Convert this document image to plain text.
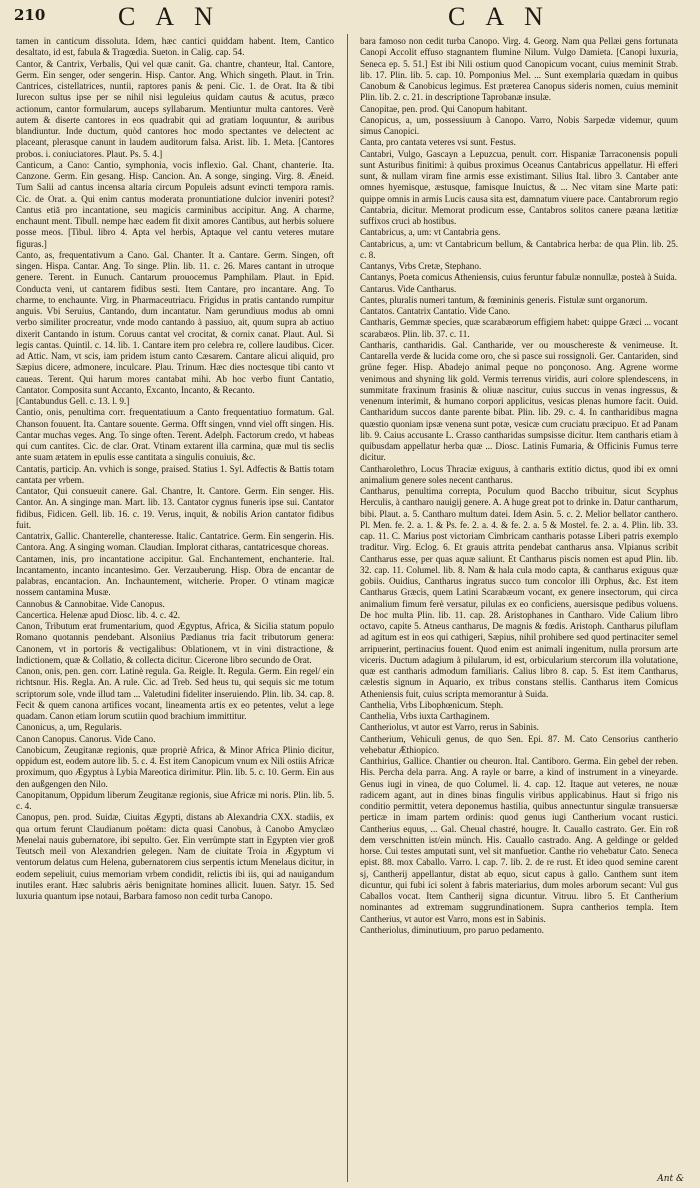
210	CAN	CAN

tamen in canticum dissoluta. Idem, hæc cantici quiddam habent. Item, Cantico desaltato, id est, fabula & Tragœdia. Sueton. in Calig. cap. 54.

Cantor, & Cantrix, Verbalis, Qui vel quæ canit. Ga. chantre, chanteur, Ital. Cantore, Germ. Ein senger, oder sengerin. Hisp. Cantor. Ang. Which singeth. Plaut. in Trin. Cantrices, cistellatrices, nuntii, raptores panis & peni. Cic. 1. de Orat. Ita & tibi Iurecon sultus ipse per se nihil nisi leguleius quidam cautus & acutus, præco actionum, cantor formularum, auceps syllabarum. Mentiuntur multa cantores. Verè autem & diserte cantores in eos quadrabit qui ad gratiam loquuntur, & auribus blandiuntur. Inde ductum, quòd cantores hoc modo spectantes ve delectent ac placeant, plerasque canunt in laudem auditorum falsa. Arist. lib. 1. Meta. [Cantores probos. i. coniuciatores. Plaut. Ps. 5. 4.]

Canticum, a Cano: Cantio, symphonia, vocis inflexio. Gal. Chant, chanterie. Ita. Canzone. Germ. Ein gesang. Hisp. Cancion. An. A songe, singing. Virg. 8. Æneid. Tum Salii ad cantus incensa altaria circum Populeis adsunt evincti tempora ramis. Cic. de Orat. a. Qui enim cantus moderata pronuntiatione dulcior inveniri potest? Cantus etiā pro incantatione, seu magicis carminibus accipitur. Ang. A charme, enchaunt ment. Tibull. nempe hæc eadem fit dixit amores Cantibus, aut herbis soluere posse meos. [Tibul. libro 4. Apta vel herbis, Aptaque vel cantu veteres mutare figuras.]

Canto, as, frequentativum a Cano. Gal. Chanter. It a. Cantare. Germ. Singen, oft singen. Hispa. Cantar. Ang. To singe. Plin. lib. 11. c. 26. Mares cantant in utroque genere. Terent. in Eunuch. Cantarum prouocemus Pamphilam. Plaut. in Epid. Conducta veni, ut cantarem fidibus sesti. Item Cantare, pro incantare. Ang. To charme, to enchaunte. Virg. in Pharmaceutriacu. Frigidus in pratis cantando rumpitur anguis. Vbi Seruius, Cantando, dum incantatur. Nam gerundiuus modus ab omni verbo similiter procreatur, vnde modo cantando à passiuo, ait, quum supra ab actiuo dixerit Cantando in istum. Coruus cantat vel crocitat, & cornix canat. Plaut. Aul. Si legis cantas. Quintil. c. 14. lib. 1. Cantare item pro celebra re, collere laudibus. Cicer. ad Attic. Nam, vt scis, iam pridem istum canto Cæsarem. Cantare alicui aliquid, pro Sæpius dicere, admonere, inculcare. Plau. Trinum. Hæc dies noctesque tibi canto vt caueas. Terent. Qui harum mores cantabat mihi. Ab hoc verbo fiunt Cantatio, Cantator. Composita sunt Accanto, Excanto, Incanto, & Recanto.

[Cantabundus Gell. c. 13. l. 9.]

Cantio, onis, penultima corr. frequentatiuum a Canto frequentatiuo formatum. Gal. Chanson fouuent. Ita. Cantare souente. Germa. Offt singen, vnnd viel offt singen. His. Cantar muchas veges. Ang. To singe often. Terent. Adelph. Factorum credo, vt habeas qui cum cantites. Cic. de clar. Orat. Vtinam extarent illa carmina, quæ mul tis seclis ante suam ætatem in epulis esse cantitata a singulis conuiuis, &c.

Cantatis, particip. An. vvhich is songe, praised. Statius 1. Syl. Adfectis & Battis totam cantata per vrbem.

Cantator, Qui consueuit canere. Gal. Chantre, It. Cantore. Germ. Ein senger. His. Cantor. An. A singinge man. Mart. lib. 13. Cantator cygnus funeris ipse sui. Cantator fidibus, Fidicen. Gell. lib. 16. c. 19. Verus, inquit, & nobilis Arion cantator fidibus fuit.

Cantatrix, Gallic. Chanterelle, chanteresse. Italic. Cantatrice. Germ. Ein sengerin. His. Cantora. Ang. A singing woman. Claudian. Implorat citharas, cantatricesque choreas.

Cantamen, inis, pro incantatione accipitur. Gal. Enchantement, enchanterie. Ital. Incantamento, incanto incantesimo. Ger. Verzauberung. Hisp. Obra de encantar de palabras, encantacion. An. Inchauntement, witcherie. Proper. O vtinam magicæ nossem cantamina Musæ.

Cannobus & Cannobitae. Vide Canopus.

Cancertica. Helenæ apud Diosc. lib. 4. c. 42.

Canon, Tributum erat frumentarium, quod Ægyptus, Africa, & Sicilia statum populo Romano quotannis pendebant. Alsoniius Pædianus tria facit tributorum genera: Canonem, vt in portoris & vectigalibus: Oblationem, vt in vini distractione, & Indictionem, quæ & Collatio, & collecta dicitur. Cicerone libro secundo de Orat.

Canon, onis, pen. gen. corr. Latinè regula. Ga. Reigle. It. Regula. Germ. Ein regel/ ein richtsnur. His. Regla. An. A rule. Cic. ad Treb. Sed heus tu, qui sequis sic me totum scriptorum sole, vnde illud tam ... Valetudini fideliter inseruiendo. Plin. lib. 34. cap. 8. Fecit & quem canona artifices vocant, lineamenta artis ex eo petentes, velut a lege quadam. Canon etiam lorum scutiin quod brachium immittitur.

Canonicus, a, um, Regularis.

Canon Canopus. Canorus. Vide Cano.

Canobicum, Zeugitanæ regionis, quæ propriè Africa, & Minor Africa Plinio dicitur, oppidum est, eodem autore lib. 5. c. 4. Est item Canopicum vnum ex Nili ostiis Africæ proximum, quo Ægyptus à Lybia Mareotica dirimitur. Plin. lib. 5. c. 10. Germ. Ein aus den außgengen den Nilo.

Canopitanum, Oppidum liberum Zeugitanæ regionis, siue Africæ mi noris. Plin. lib. 5. c. 4.

Canopus, pen. prod. Suidæ, Ciuitas Ægypti, distans ab Alexandria CXX. stadiis, ex qua ortum ferunt Claudianum poëtam: dicta quasi Canobus, à Canobo Amyclæo Menelai nauis gubernatore, ibi sepulto. Ger. Ein verrümpte statt in Egypten vier groß Teutsch meil von Alexandrien gelegen. Nam de ciuitate Troia in Ægyptum vi ventorum delatus cum Helena, gubernatorem cius serpentis ictum Menelaus dicitur, in eodem sepeliuit, cuius memoriam vrbem condidit, relictis ibi iis, qui ad nauigandum inutiles erant. Hæc salubris aëris benignitate homines allicit. Iuuen. Satyr. 15. Sed luxuria quantum ipse notaui, Barbara famoso non cedit turba Canopo.

bara famoso non cedit turba Canopo. Virg. 4. Georg. Nam qua Pellæi gens fortunata Canopi Accolit effuso stagnantem flumine Nilum. Vulgo Damieta. [Canopi luxuria, Seneca ep. 5. 51.] Est ibi Nili ostium quod Canopicum vocant, cuius meminit Strab. lib. 17. Plin. lib. 5. cap. 10. Pomponius Mel. ... Sunt exemplaria quædam in quibus Canobum & Canobicus legimus. Est præterea Canopus sideris nomen, cuius meminit Plin. lib. 2. c. 21. in descriptione Taprobanæ insulæ.

Canopitae, pen. prod. Qui Canopum habitant.

Canopicus, a, um, possessiuum à Canopo. Varro, Nobis Sarpedæ videmur, quum simus Canopici.

Canta, pro cantata veteres vsi sunt. Festus.

Cantabri, Vulgo, Gascayn a Lepuzcua, penult. corr. Hispaniæ Tarraconensis populi sunt Asturibus finitimi: à quibus proximus Oceanus Cantabricus appellatur. Hi efferi sunt, & nullam viram fine armis esse existimant. Silius Ital. libro 3. Cantaber ante omnes hyemisque, æstusque, famisque Inuictus, & ... Nec vitam sine Marte pati: quippe omnis in armis Lucis causa sita est, damnatum viuere pace. Cantabrorum regio Cantabria, dicitur. Memorat prodicum esse, Cantabros solitos canere pæana lætitiæ suffixos cruci ab hostibus.

Cantabricus, a, um: vt Cantabria gens.

Cantabricus, a, um: vt Cantabricum bellum, & Cantabrica herba: de qua Plin. lib. 25. c. 8.

Cantanys, Vrbs Cretæ, Stephano.

Cantanys, Poeta comicus Atheniensis, cuius feruntur fabulæ nonnullæ, posteà à Suida.

Cantarus. Vide Cantharus.

Cantes, pluralis numeri tantum, & fœmininis generis. Fistulæ sunt organorum.

Cantatos. Cantatrix Cantatio. Vide Cano.

Cantharis, Gemmæ species, quæ scarabæorum effigiem habet: quippe Græci ... vocant scarabæos. Plin. lib. 37. c. 11.

Cantharis, cantharidis. Gal. Cantharide, ver ou mouschereste & venimeuse. It. Cantarella verde & lucida come oro, che si pasce sui rossignoli. Ger. Cantariden, sind grüne feger. Hisp. Abadejo animal peque no ponçonoso. Ang. Agrene worme venimous and shyning lik gold. Vermis terrenus viridis, auri colore splendescens, in summitate fraxinum frasinis & oliuæ nascitur, cuius succus in venas ingressus, & venenum interimit, & humano corpori applicitus, vesicas plenas humore facit. Ouid. Cantharidum succos dante parente bibat. Plin. lib. 29. c. 4. In cantharidibus magna quæstio quoniam ipsæ venena sunt potæ, vesicæ cum cruciatu præcipuo. Et ad Panam lib. 9. Caius accusante L. Crasso cantharidas sumpsisse dicitur. Item cantharis etiam à quibusdam appellatur herba quæ ... Diosc. Latinis Fumaria, & Officinis Fumus terre dicitur.

Cantharolethro, Locus Thraciæ exiguus, à cantharis extitio dictus, quod ibi ex omni animalium genere soles necent cantharus.

Cantharus, penultima correpta, Poculum quod Baccho tribuitur, sicut Scyphus Herculis, à cantharo nauigij genere. A. A huge great pot to drinke in. Datur cantharum, bibi. Plaut. a. 5. Cantharo multum datei. Idem Asin. 5. c. 2. Melior bellator canthero. Pl. Men. fe. 2. a. 1. & Ps. fe. 2. a. 4. & fe. 2. a. 5 & Mostel. fe. 2. a. 4. Plin. lib. 33. cap. 11. C. Marius post victoriam Cimbricam cantharis potasse Liberi patris exemplo traditur. Virg. Eclog. 6. Et grauis attrita pendebat cantharus ansa. Vlpianus scribit Cantharus esse, per quas aquæ saliunt. Et Cantharus piscis nomen est apud Plin. lib. 32. cap. 11. Columel. lib. 8. Nam & hala cula modo capta, & cantharus exiguus quæ gobiis. Ouidius, Cantharus ingratus succo tum concolor illi Orphus, &c. Est item Cantharus Græcis, quem Latini Scarabæum vocant, ex genere insectorum, qui circa animalium fimum ferè versatur, pilulas ex eo conficiens, auersisque pedibus voluens. De hoc multa Plin. lib. 11. cap. 28. Aristophanes in Cantharo. Vide Calium libro octavo, capite 5. Atneus cantharus, De magnis & fœdis. Aristoph. Cantharus piluflam ad agitum est in eos qui cathigeri, Sæpius, nihil prohibere sed quod pertinaciter semel arripuerint, pertinacius fouent. Quod enim est animali ingenitum, nulla prorsum arte viceris. Ductum adagium à pilularum, id est, orbicularium stercorum illa volutatione, quæ est cantharis admodum familiaris. Calius libro 8. cap. 5. Est item Cantharus, cælestis signum in Aquario, ex tribus constans stellis. Cantharus item Comicus Atheniensis fuit, cuius scripta memorantur à Suida.

Canthelia, Vrbs Libophœnicum. Steph.

Canthelia, Vrbs iuxta Carthaginem.

Cantheriolus, vt autor est Varro, rerus in Sabinis.

Cantherium, Vehiculi genus, de quo Sen. Epi. 87. M. Cato Censorius cantherio vehebatur Æthiopico.

Canthirius, Gallice. Chantier ou cheuron. Ital. Cantiboro. Germa. Ein gebel der reben. His. Percha dela parra. Ang. A rayle or barre, a kind of instrument in a vineyarde. Genus iugi in vinea, de quo Columel. li. 4. cap. 12. Itaque aut veteres, ne nouæ radicem agant, aut in dines binas fingulis viribus applicabinus. Haut si frigo nis conditio permittit, vetera deponemus hastilia, quibus annectuntur singulæ transuersæ perticæ in imam partem ordinis: quod genus iugi Cantherium vocant rustici. Cantherius equus, ... Gal. Cheual chastré, hougre. It. Cauallo castrato. Ger. Ein roß dem verschnitten ist/ein münch. His. Cauallo castrado. Ang. A geldinge or gelded horse. Cui testes amputati sunt, vel sit manfuetior. Canthe rio vehebatur Cato. Seneca epist. 88. mox Caballo. Varro. l. cap. 7. lib. 2. de re rust. Et ideo quod semine carent sj, Cantherij appellantur, distat ab equo, sicut capus à gallo. Canthem sunt item dicuntur, qui fubi ici solent à fabris materiarius, dum moles arborum secant: Vul gus Caballos vocat. Item Cantherij signa dicuntur. Vitruu. libro 5. Et Cantherium nominantes ad extremam suggrundinationem. Supra cantherios templa. Item Cantherius, vt autor est Varro, mons est in Sabinis.

Cantheriolus, diminutiuum, pro paruo pedamento.

Ant &
